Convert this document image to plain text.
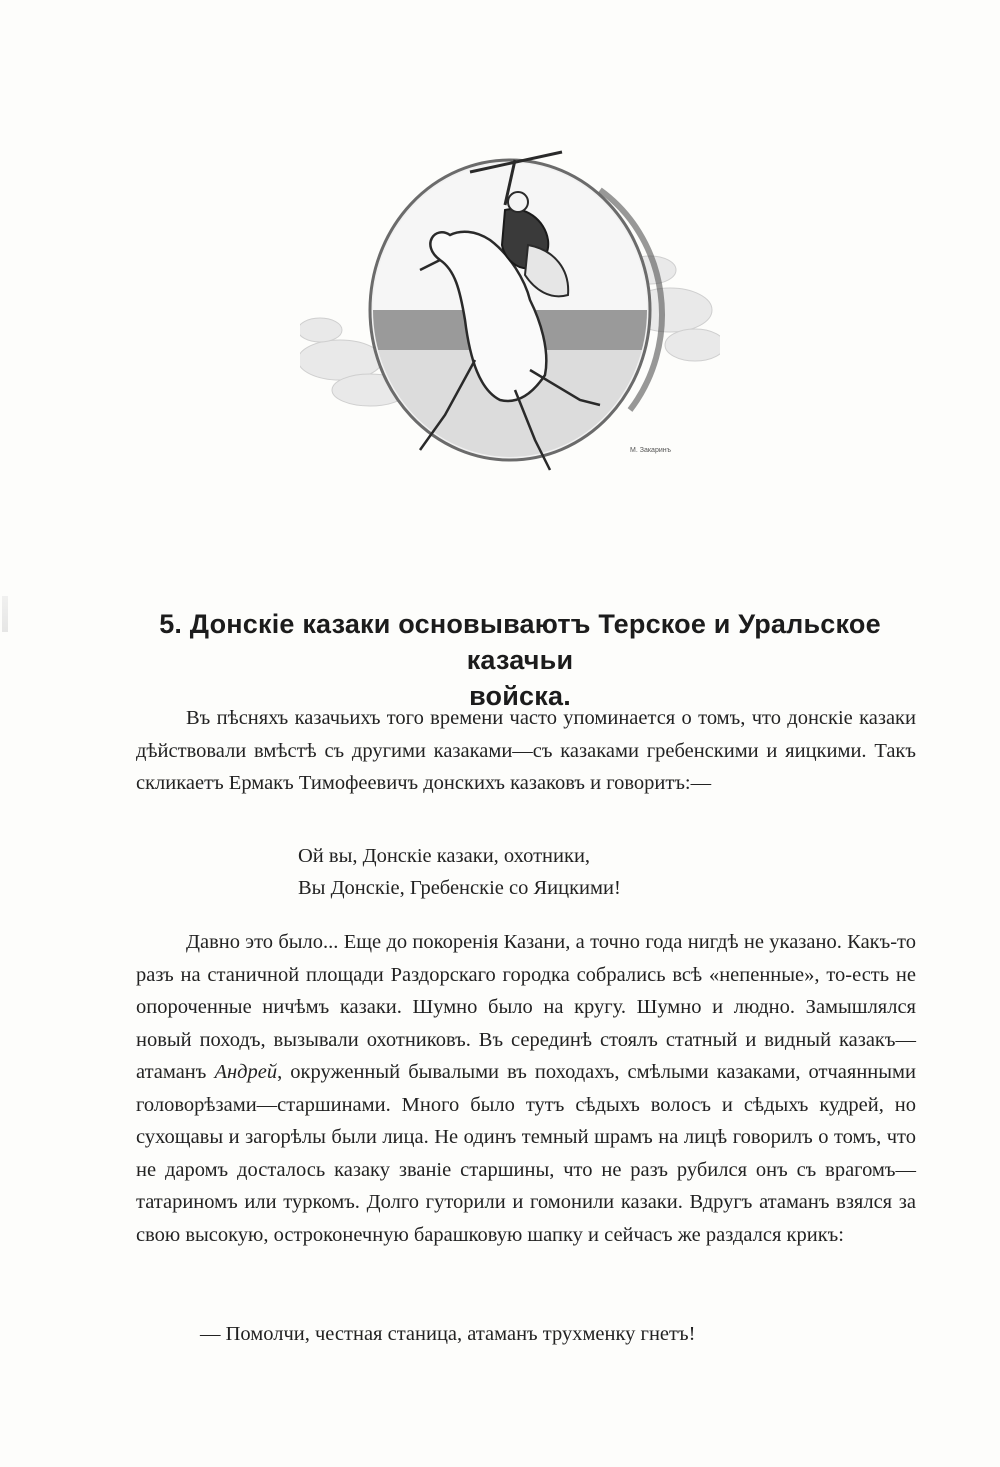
М. Закаринъ
5. Донскіе казаки основываютъ Терское и Уральское казачьи
войска.

Въ пѣсняхъ казачьихъ того времени часто упоминается о томъ, что донскіе казаки дѣйствовали вмѣстѣ съ другими казаками—съ казаками гребенскими и яицкими. Такъ скликаетъ Ермакъ Тимофеевичъ донскихъ казаковъ и говоритъ:—

Ой вы, Донскіе казаки, охотники,
Вы Донскіе, Гребенскіе со Яицкими!

Давно это было... Еще до покоренія Казани, а точно года нигдѣ не указано. Какъ-то разъ на станичной площади Раздорскаго городка собрались всѣ «непенные», то-есть не опороченные ничѣмъ казаки. Шумно было на кругу. Шумно и людно. Замышлялся новый походъ, вызывали охотниковъ. Въ серединѣ стоялъ статный и видный казакъ—атаманъ Андрей, окруженный бывалыми въ походахъ, смѣлыми казаками, отчаянными головорѣзами—старшинами. Много было тутъ сѣдыхъ волосъ и сѣдыхъ кудрей, но сухощавы и загорѣлы были лица. Не одинъ темный шрамъ на лицѣ говорилъ о томъ, что не даромъ досталось казаку званіе старшины, что не разъ рубился онъ съ врагомъ—татариномъ или туркомъ. Долго гуторили и гомонили казаки. Вдругъ атаманъ взялся за свою высокую, остроконечную барашковую шапку и сейчасъ же раздался крикъ:

— Помолчи, честная станица, атаманъ трухменку гнетъ!
